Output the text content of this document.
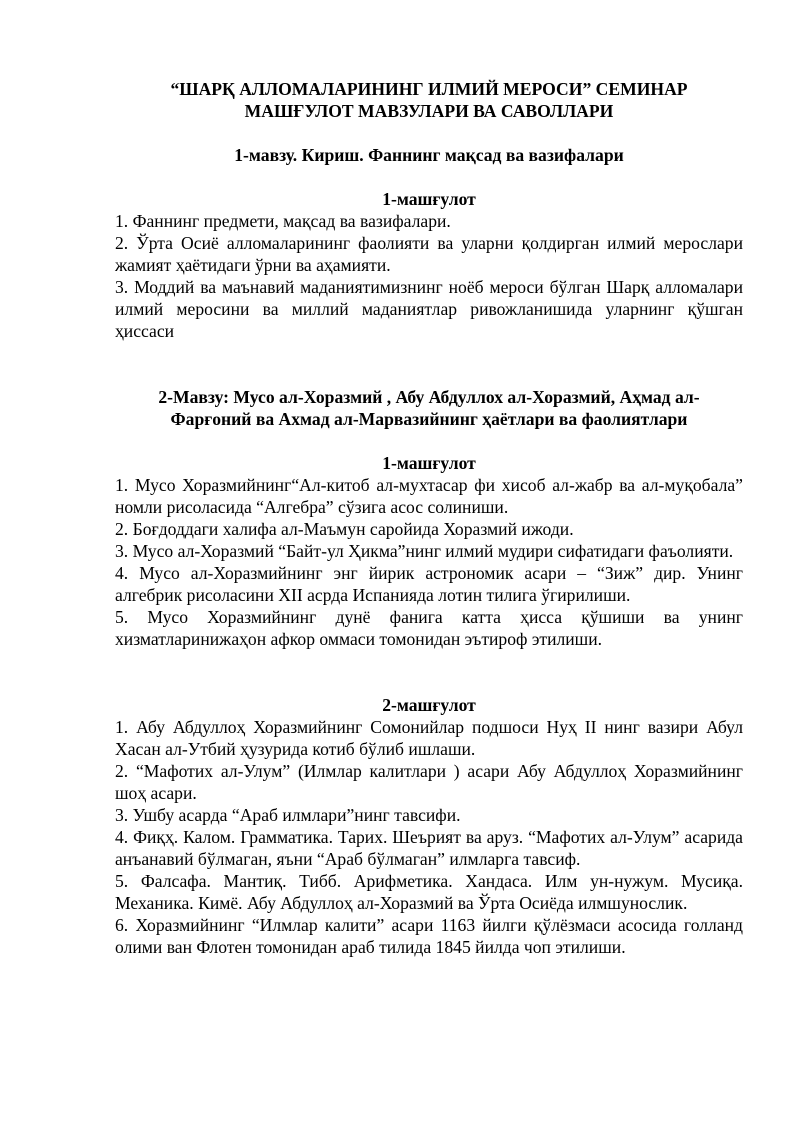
“ШАРҚ АЛЛОМАЛАРИНИНГ ИЛМИЙ МЕРОСИ” СЕМИНАР

МАШҒУЛОТ МАВЗУЛАРИ ВА САВОЛЛАРИ

1-мавзу. Кириш. Фаннинг мақсад ва вазифалари

1-машғулот

1. Фаннинг предмети, мақсад ва вазифалари.

2. Ўрта Осиё алломаларининг фаолияти ва уларни қолдирган илмий мерослари жамият ҳаётидаги ўрни ва аҳамияти.

3. Моддий ва маънавий маданиятимизнинг ноёб мероси бўлган Шарқ алломалари илмий меросини ва миллий маданиятлар ривожланишида уларнинг қўшган ҳиссаси

2-Мавзу: Мусо ал-Хоразмий , Абу Абдуллох ал-Хоразмий, Аҳмад ал-

Фарғоний ва Ахмад ал-Марвазийнинг ҳаётлари ва фаолиятлари

1-машғулот

1. Мусо Хоразмийнинг“Ал-китоб ал-мухтасар фи хисоб ал-жабр ва ал-муқобала” номли рисоласида “Алгебра” сўзига асос солиниши.

2. Боғдоддаги халифа ал-Маъмун саройида Хоразмий ижоди.

3. Мусо ал-Хоразмий “Байт-ул Ҳикма”нинг илмий мудири сифатидаги фаъолияти.

4. Мусо ал-Хоразмийнинг энг йирик астрономик асари – “Зиж” дир. Унинг алгебрик рисоласини XII асрда Испанияда лотин тилига ўгирилиши.

5. Мусо Хоразмийнинг дунё фанига катта ҳисса қўшиши ва унинг хизматларинижаҳон афкор оммаси томонидан эътироф этилиши.

2-машғулот

1. Абу Абдуллоҳ Хоразмийнинг Сомонийлар подшоси Нуҳ II нинг вазири Абул Хасан ал-Утбий ҳузурида котиб бўлиб ишлаши.

2. “Мафотих ал-Улум” (Илмлар калитлари ) асари Абу Абдуллоҳ Хоразмийнинг шоҳ асари.

3. Ушбу асарда “Араб илмлари”нинг тавсифи.

4. Фиқҳ. Калом. Грамматика. Тарих. Шеърият ва аруз. “Мафотих ал-Улум” асарида анъанавий бўлмаган, яъни “Араб бўлмаган” илмларга тавсиф.

5. Фалсафа. Мантиқ. Тибб. Арифметика. Хандаса. Илм ун-нужум. Мусиқа. Механика. Кимё. Абу Абдуллоҳ ал-Хоразмий ва Ўрта Осиёда илмшунослик.

6. Хоразмийнинг “Илмлар калити” асари 1163 йилги қўлёзмаси асосида голланд олими ван Флотен томонидан араб тилида 1845 йилда чоп этилиши.
